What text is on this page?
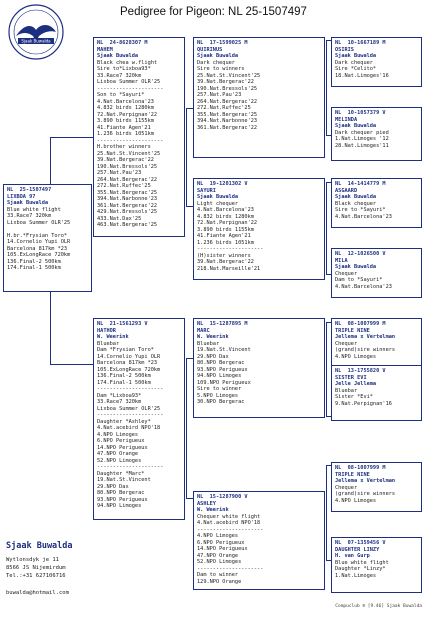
Pedigree for Pigeon: NL 25-1507497
Sjaak Buwalda
NL  25-1507497
LIXBOA 97
Sjaak Buwalda
Blue white flight
33.Race7 320km
Lixboa Summer OLR'25

H.br.*Frysian Toro*
14.Cornelio Yupi OLR
Barcelona 817km *23
105.ExLongRace 720km
136.Final-2 500km
174.Final-1 500km
NL  24-8628307 M
MAHEM
Sjaak Buwalda
Black chea w.flight
Sire to*Lixboa93*
33.Race7 320km
Lixboa Summer OLR'25
---------------------
Son to *Sayuri*
4.Nat.Barcelona'23
4.832 birds 1280km
72.Nat.Perpignan'22
3.890 birds 1155km
41.Fiante Agen'21
1.236 birds 1051km
---------------------
H.brother winners
25.Nat.St.Vincent'25
39.Nat.Bergerac'22
190.Nat.Bressols'25
257.Nat.Pau'23
264.Nat.Bergerac'22
272.Nat.Ruffec'25
355.Nat.Bergerac'25
394.Nat.Narbonne'23
361.Nat.Bergerac'22
429.Nat.Bressols'25
433.Nat.Dax'25
463.Nat.Bergerac'25
NL  21-1561293 V
HATHOR
W. Weerink
Bluebar
Dam *Frysian Toro*
14.Cornelio Yupi OLR
Barcelona 817km *23
105.ExLongRace 720km
136.Final-2 500km
174.Final-1 500km
---------------------
Dam *Lixboa93*
33.Race7 320km
Lixboa Summer OLR'25
---------------------
Daughter *Ashley*
4.Nat.acebird NPO'18
4.NPO Limoges
6.NPO Perigueux
14.NPO Perigueux
47.NPO Orange
52.NPO Limoges
---------------------
Daughter *Marc*
19.Nat.St.Vincent
29.NPO Dax
80.NPO Bergerac
93.NPO Perigueux
94.NPO Limoges
NL  17-1599025 M
QUIRINUS
Sjaak Buwalda
Dark chequer
Sire to winners
25.Nat.St.Vincent'25
39.Nat.Bergerac'22
190.Nat.Bressols'25
257.Nat.Pau'23
264.Nat.Bergerac'22
272.Nat.Ruffec'25
355.Nat.Bergerac'25
394.Nat.Narbonne'23
361.Nat.Bergerac'22
NL  19-1201302 V
SAYURI
Sjaak Buwalda
Light chequer
4.Nat.Barcelona'23
4.832 birds 1280km
72.Nat.Perpignan'22
3.890 birds 1155km
41.Fiante Agen'21
1.236 birds 1051km
---------------------
(H)sister winners
39.Nat.Bergerac'22
218.Nat.Marseille'21
NL  15-1287895 M
MARC
W. Weerink
Bluebar
19.Nat.St.Vincent
29.NPO Dax
80.NPO Bergerac
93.NPO Perigueux
94.NPO Limoges
109.NPO Perigueux
Sire to winner
5.NPO Limoges
30.NPO Bergerac
NL  15-1287900 V
ASHLEY
W. Weerink
Chequer white flight
4.Nat.acebird NPO'18
---------------------
4.NPO Limoges
6.NPO Perigueux
14.NPO Perigueux
47.NPO Orange
52.NPO Limoges
---------------------
Dam to winner
129.NPO Orange
NL  10-1667189 M
OSIRIS
Sjaak Buwalda
Dark chequer
Sire *Celito*
18.Nat.Limoges'16
NL  10-1057379 V
MELINDA
Sjaak Buwalda
Dark chequer pied
1.Nat.Limoges '12
28.Nat.Limoges'11
NL  14-1414779 M
ASGAARD
Sjaak Buwalda
Black chequer
Sire to *Sayuri*
4.Nat.Barcelona'23
NL  12-1026500 V
MILA
Sjaak Buwalda
Chequer
Dam to *Sayuri*
4.Nat.Barcelona'23
NL  08-1007999 M
TRIPLE NINE
Jellema x Vertelman
Chequer
(grand)sire winners
4.NPO Limoges
NL  13-1755820 V
SISTER EVI
Jelle Jellema
Bluebar
Sister *Evi*
9.Nat.Perpignan'16
NL  08-1007999 M
TRIPLE NINE
Jellema x Vertelman
Chequer
(grand)sire winners
4.NPO Limoges
NL  07-1359456 V
DAUGHTER LINZY
H. van Gurp
Blue white flight
Daughter *Linzy*
1.Nat.Limoges
Sjaak Buwalda
Wytlonsdyk je 11
8566 JS Nijemirdum
Tel.:+31 627106716
buwalda@hotmail.com
Compuclub ® [9.46] Sjaak Buwalda
